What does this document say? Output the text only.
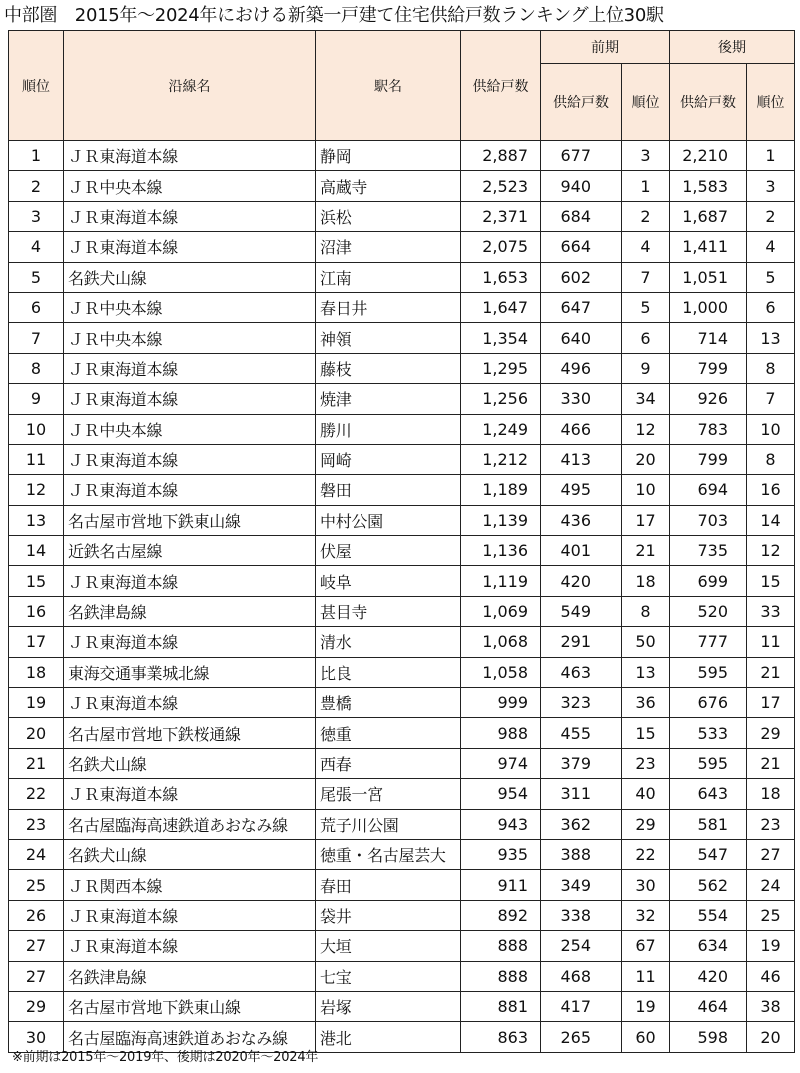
中部圏　2015年～2024年における新築一戸建て住宅供給戸数ランキング上位30駅
順位	沿線名	駅名	供給戸数	前期		後期	
				供給戸数	順位	供給戸数	順位
1	ＪＲ東海道本線	静岡	2,887	677	3	2,210	1
2	ＪＲ中央本線	高蔵寺	2,523	940	1	1,583	3
3	ＪＲ東海道本線	浜松	2,371	684	2	1,687	2
4	ＪＲ東海道本線	沼津	2,075	664	4	1,411	4
5	名鉄犬山線	江南	1,653	602	7	1,051	5
6	ＪＲ中央本線	春日井	1,647	647	5	1,000	6
7	ＪＲ中央本線	神領	1,354	640	6	714	13
8	ＪＲ東海道本線	藤枝	1,295	496	9	799	8
9	ＪＲ東海道本線	焼津	1,256	330	34	926	7
10	ＪＲ中央本線	勝川	1,249	466	12	783	10
11	ＪＲ東海道本線	岡崎	1,212	413	20	799	8
12	ＪＲ東海道本線	磐田	1,189	495	10	694	16
13	名古屋市営地下鉄東山線	中村公園	1,139	436	17	703	14
14	近鉄名古屋線	伏屋	1,136	401	21	735	12
15	ＪＲ東海道本線	岐阜	1,119	420	18	699	15
16	名鉄津島線	甚目寺	1,069	549	8	520	33
17	ＪＲ東海道本線	清水	1,068	291	50	777	11
18	東海交通事業城北線	比良	1,058	463	13	595	21
19	ＪＲ東海道本線	豊橋	999	323	36	676	17
20	名古屋市営地下鉄桜通線	徳重	988	455	15	533	29
21	名鉄犬山線	西春	974	379	23	595	21
22	ＪＲ東海道本線	尾張一宮	954	311	40	643	18
23	名古屋臨海高速鉄道あおなみ線	荒子川公園	943	362	29	581	23
24	名鉄犬山線	徳重・名古屋芸大	935	388	22	547	27
25	ＪＲ関西本線	春田	911	349	30	562	24
26	ＪＲ東海道本線	袋井	892	338	32	554	25
27	ＪＲ東海道本線	大垣	888	254	67	634	19
27	名鉄津島線	七宝	888	468	11	420	46
29	名古屋市営地下鉄東山線	岩塚	881	417	19	464	38
30	名古屋臨海高速鉄道あおなみ線	港北	863	265	60	598	20
※前期は2015年～2019年、後期は2020年～2024年
